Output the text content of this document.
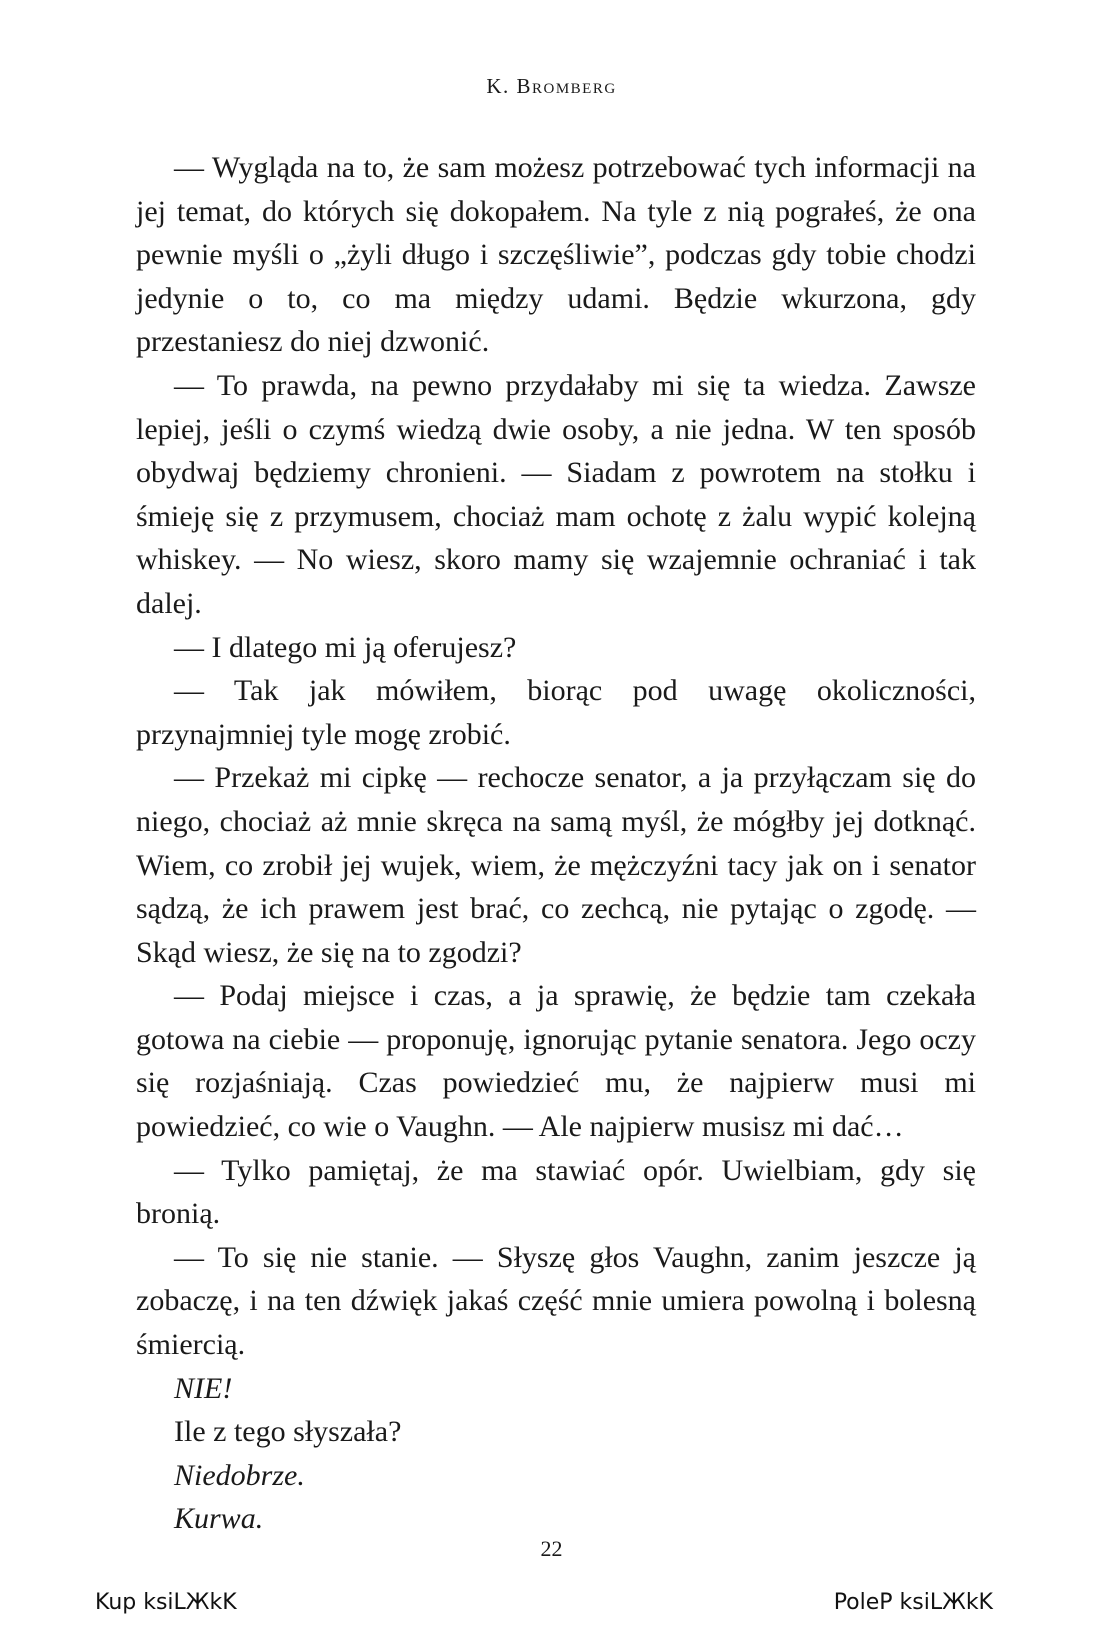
K. Bromberg

— Wygląda na to, że sam możesz potrzebować tych informacji na jej temat, do których się dokopałem. Na tyle z nią pograłeś, że ona pewnie myśli o „żyli długo i szczęśliwie”, podczas gdy tobie chodzi jedynie o to, co ma między udami. Będzie wkurzona, gdy przestaniesz do niej dzwonić.

— To prawda, na pewno przydałaby mi się ta wiedza. Zawsze lepiej, jeśli o czymś wiedzą dwie osoby, a nie jedna. W ten sposób obydwaj będziemy chronieni. — Siadam z powrotem na stołku i śmieję się z przymusem, chociaż mam ochotę z żalu wypić kolejną whiskey. — No wiesz, skoro mamy się wzajemnie ochraniać i tak dalej.

— I dlatego mi ją oferujesz?

— Tak jak mówiłem, biorąc pod uwagę okoliczności, przynajmniej tyle mogę zrobić.

— Przekaż mi cipkę — rechocze senator, a ja przyłączam się do niego, chociaż aż mnie skręca na samą myśl, że mógłby jej dotknąć. Wiem, co zrobił jej wujek, wiem, że mężczyźni tacy jak on i senator sądzą, że ich prawem jest brać, co zechcą, nie pytając o zgodę. — Skąd wiesz, że się na to zgodzi?

— Podaj miejsce i czas, a ja sprawię, że będzie tam czekała gotowa na ciebie — proponuję, ignorując pytanie senatora. Jego oczy się rozjaśniają. Czas powiedzieć mu, że najpierw musi mi powiedzieć, co wie o Vaughn. — Ale najpierw musisz mi dać…

— Tylko pamiętaj, że ma stawiać opór. Uwielbiam, gdy się bronią.

— To się nie stanie. — Słyszę głos Vaughn, zanim jeszcze ją zobaczę, i na ten dźwięk jakaś część mnie umiera powolną i bolesną śmiercią.

NIE!

Ile z tego słyszała?

Niedobrze.

Kurwa.

22
Kup ksiLЖkK	PoleP ksiLЖkK
